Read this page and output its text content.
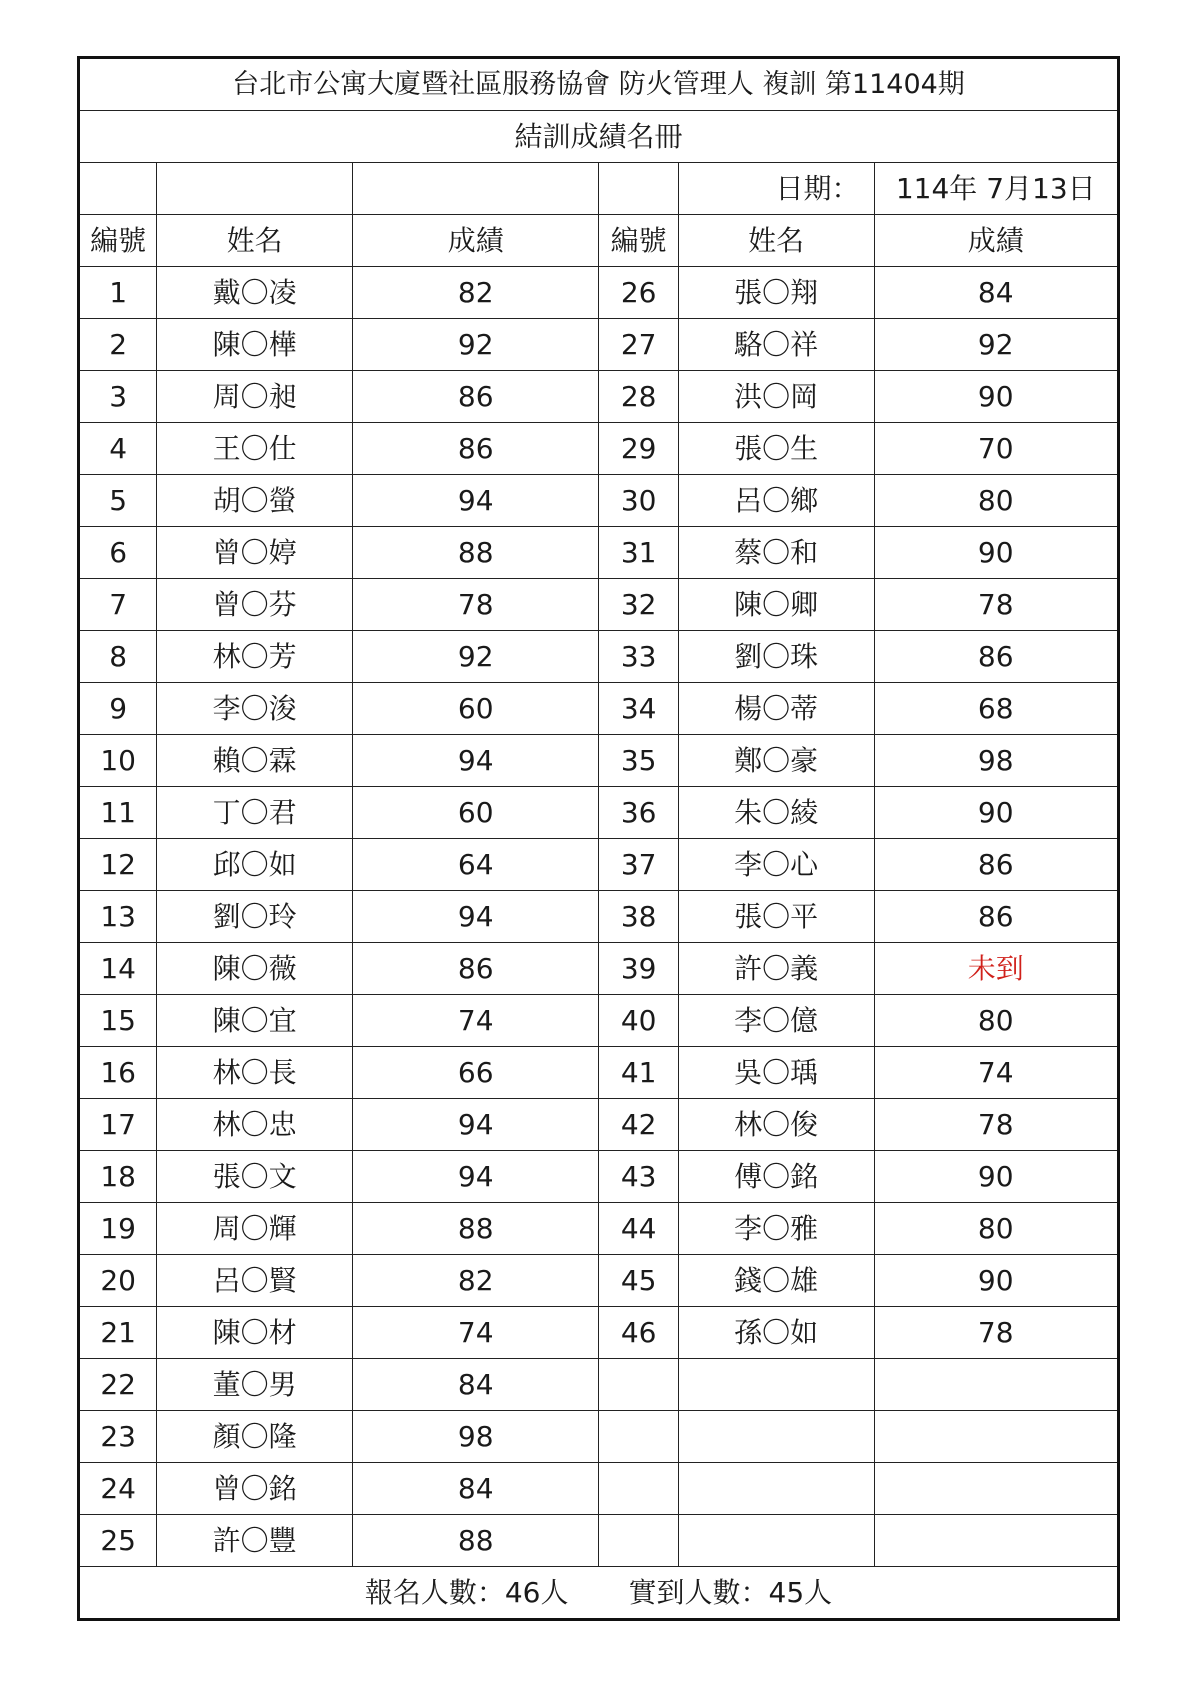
台北市公寓大廈暨社區服務協會 防火管理人 複訓 第11404期					
結訓成績名冊					
				日期：	114年 7月13日
編號	姓名	成績	編號	姓名	成績
1	戴〇凌	82	26	張〇翔	84
2	陳〇樺	92	27	駱〇祥	92
3	周〇昶	86	28	洪〇岡	90
4	王〇仕	86	29	張〇生	70
5	胡〇螢	94	30	呂〇鄉	80
6	曾〇婷	88	31	蔡〇和	90
7	曾〇芬	78	32	陳〇卿	78
8	林〇芳	92	33	劉〇珠	86
9	李〇浚	60	34	楊〇蒂	68
10	賴〇霖	94	35	鄭〇豪	98
11	丁〇君	60	36	朱〇綾	90
12	邱〇如	64	37	李〇心	86
13	劉〇玲	94	38	張〇平	86
14	陳〇薇	86	39	許〇義	未到
15	陳〇宜	74	40	李〇億	80
16	林〇長	66	41	吳〇瑀	74
17	林〇忠	94	42	林〇俊	78
18	張〇文	94	43	傅〇銘	90
19	周〇輝	88	44	李〇雅	80
20	呂〇賢	82	45	錢〇雄	90
21	陳〇材	74	46	孫〇如	78
22	董〇男	84			
23	顏〇隆	98			
24	曾〇銘	84			
25	許〇豐	88			
報名人數：46人 實到人數：45人					
